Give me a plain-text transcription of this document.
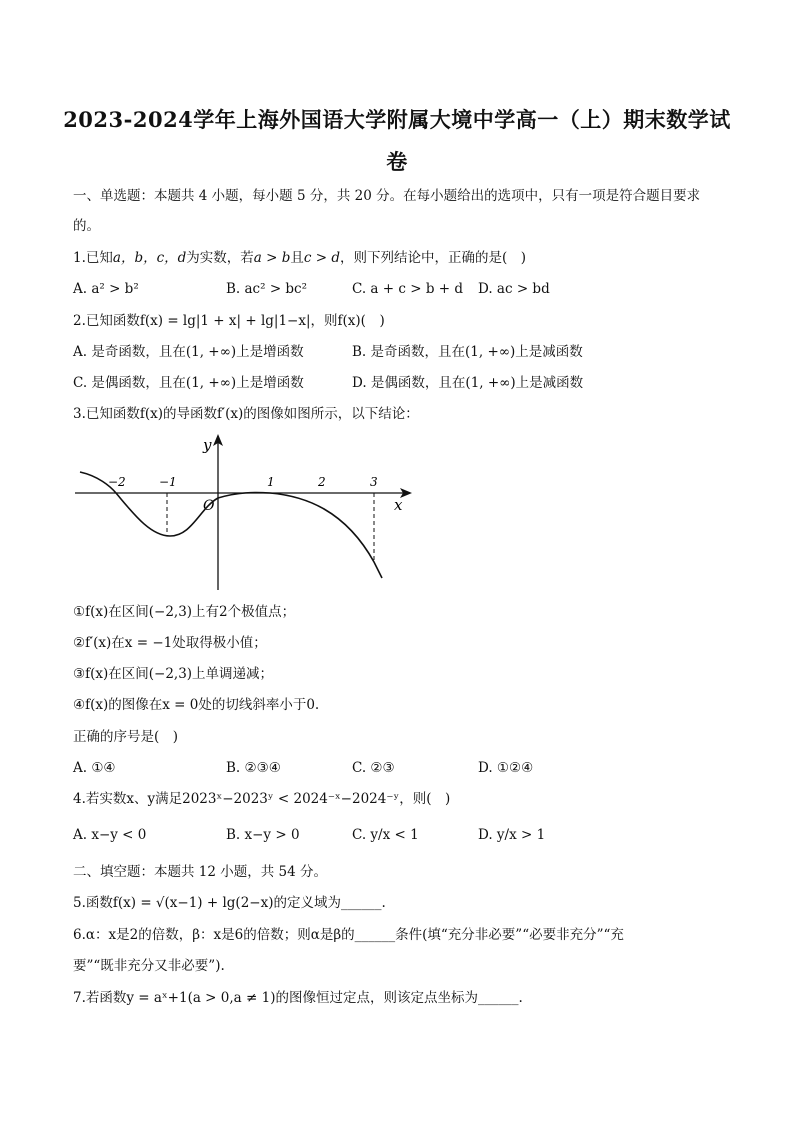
2023-2024学年上海外国语大学附属大境中学高一（上）期末数学试
卷
一、单选题：本题共 4 小题，每小题 5 分，共 20 分。在每小题给出的选项中，只有一项是符合题目要求
的。
1.已知a，b，c，d为实数，若a > b且c > d，则下列结论中，正确的是(　)
A. a² > b²	B. ac² > bc²	C. a + c > b + d D. ac > bd
2.已知函数f(x) = lg|1 + x| + lg|1−x|，则f(x)(　)
A. 是奇函数，且在(1, +∞)上是增函数	B. 是奇函数，且在(1, +∞)上是减函数
C. 是偶函数，且在(1, +∞)上是增函数	D. 是偶函数，且在(1, +∞)上是减函数
3.已知函数f(x)的导函数f′(x)的图像如图所示，以下结论：
y
x
O
−2	−1	1	2	3
①f(x)在区间(−2,3)上有2个极值点；
②f′(x)在x = −1处取得极小值；
③f(x)在区间(−2,3)上单调递减；
④f(x)的图像在x = 0处的切线斜率小于0.
正确的序号是(　)
A. ①④	B. ②③④	C. ②③	D. ①②④
4.若实数x、y满足2023ˣ−2023ʸ < 2024⁻ˣ−2024⁻ʸ，则(　)
A. x−y < 0	B. x−y > 0	C. y/x < 1	D. y/x > 1
二、填空题：本题共 12 小题，共 54 分。
5.函数f(x) = √(x−1) + lg(2−x)的定义域为______.
6.α：x是2的倍数，β：x是6的倍数；则α是β的______条件(填“充分非必要”“必要非充分”“充
要”“既非充分又非必要”).
7.若函数y = aˣ+1(a > 0,a ≠ 1)的图像恒过定点，则该定点坐标为______.
